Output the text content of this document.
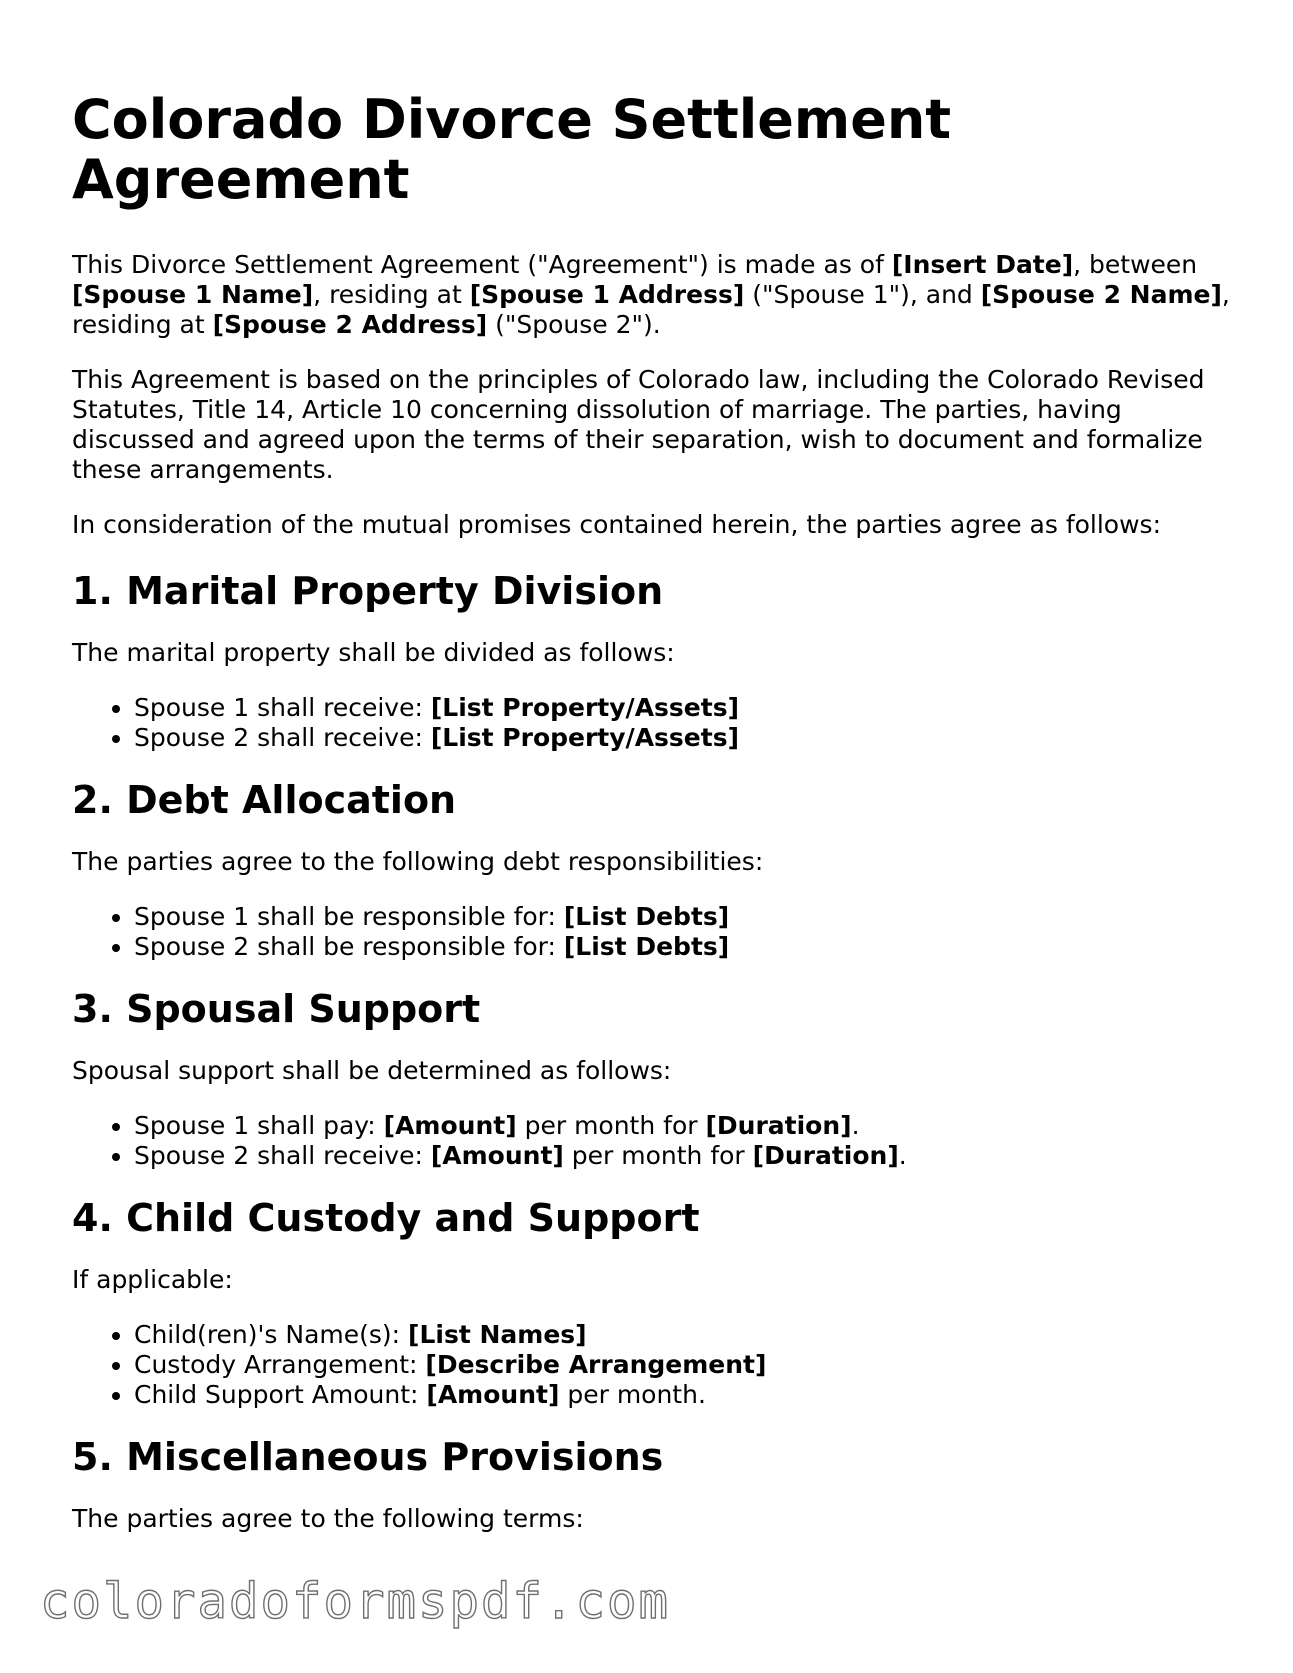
Colorado Divorce Settlement Agreement

This Divorce Settlement Agreement ("Agreement") is made as of [Insert Date], between [Spouse 1 Name], residing at [Spouse 1 Address] ("Spouse 1"), and [Spouse 2 Name], residing at [Spouse 2 Address] ("Spouse 2").

This Agreement is based on the principles of Colorado law, including the Colorado Revised Statutes, Title 14, Article 10 concerning dissolution of marriage. The parties, having discussed and agreed upon the terms of their separation, wish to document and formalize these arrangements.

In consideration of the mutual promises contained herein, the parties agree as follows:

1. Marital Property Division

The marital property shall be divided as follows:

• Spouse 1 shall receive: [List Property/Assets]
• Spouse 2 shall receive: [List Property/Assets]
2. Debt Allocation

The parties agree to the following debt responsibilities:

• Spouse 1 shall be responsible for: [List Debts]
• Spouse 2 shall be responsible for: [List Debts]
3. Spousal Support

Spousal support shall be determined as follows:

• Spouse 1 shall pay: [Amount] per month for [Duration].
• Spouse 2 shall receive: [Amount] per month for [Duration].
4. Child Custody and Support

If applicable:

• Child(ren)'s Name(s): [List Names]
• Custody Arrangement: [Describe Arrangement]
• Child Support Amount: [Amount] per month.
5. Miscellaneous Provisions

The parties agree to the following terms:

coloradoformspdf.com
